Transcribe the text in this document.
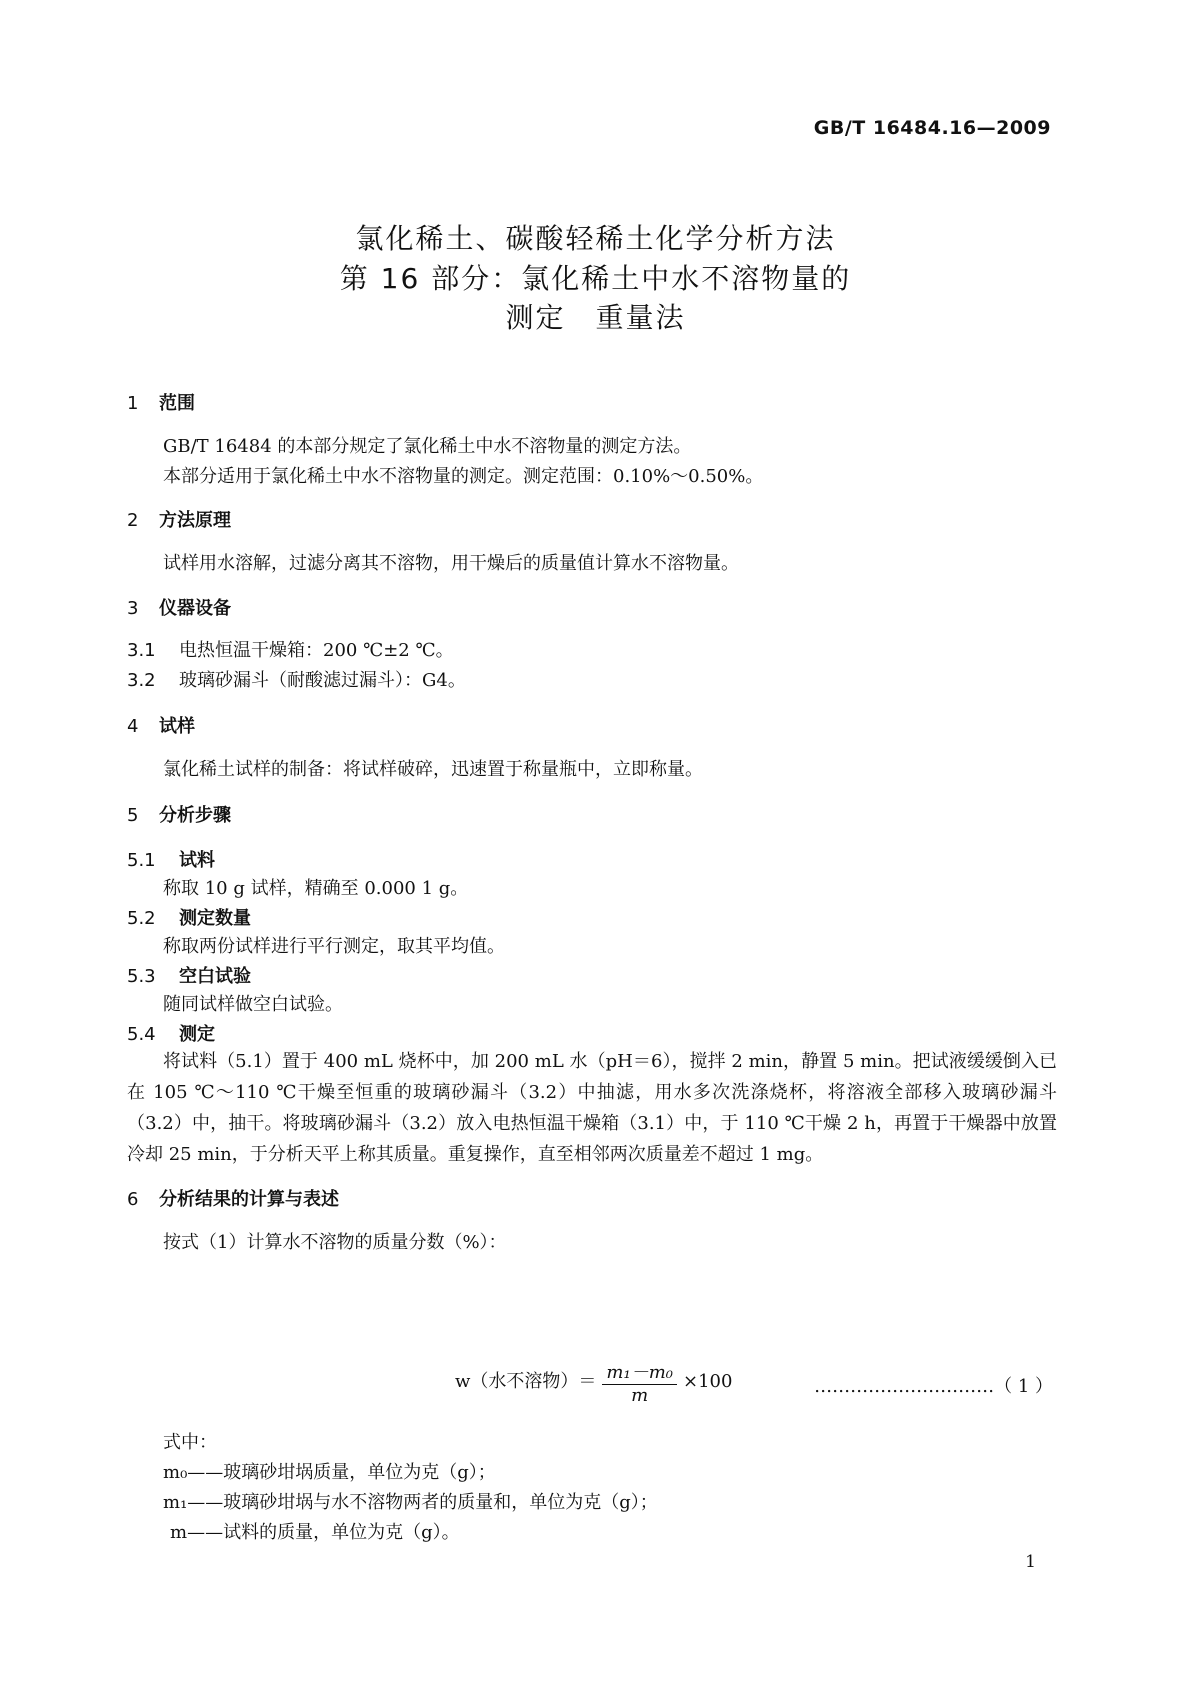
GB/T 16484.16—2009
氯化稀土、碳酸轻稀土化学分析方法
第 16 部分：氯化稀土中水不溶物量的
测定　重量法
1 范围
GB/T 16484 的本部分规定了氯化稀土中水不溶物量的测定方法。
本部分适用于氯化稀土中水不溶物量的测定。测定范围：0.10%～0.50%。
2 方法原理
试样用水溶解，过滤分离其不溶物，用干燥后的质量值计算水不溶物量。
3 仪器设备
3.1 电热恒温干燥箱：200 ℃±2 ℃。
3.2 玻璃砂漏斗（耐酸滤过漏斗）：G4。
4 试样
氯化稀土试样的制备：将试样破碎，迅速置于称量瓶中，立即称量。
5 分析步骤
5.1 试料
称取 10 g 试样，精确至 0.000 1 g。
5.2 测定数量
称取两份试样进行平行测定，取其平均值。
5.3 空白试验
随同试样做空白试验。
5.4 测定
将试料（5.1）置于 400 mL 烧杯中，加 200 mL 水（pH＝6），搅拌 2 min，静置 5 min。把试液缓缓倒入已在 105 ℃～110 ℃干燥至恒重的玻璃砂漏斗（3.2）中抽滤，用水多次洗涤烧杯，将溶液全部移入玻璃砂漏斗（3.2）中，抽干。将玻璃砂漏斗（3.2）放入电热恒温干燥箱（3.1）中，于 110 ℃干燥 2 h，再置于干燥器中放置冷却 25 min，于分析天平上称其质量。重复操作，直至相邻两次质量差不超过 1 mg。
6 分析结果的计算与表述
按式（1）计算水不溶物的质量分数（%）：
w（水不溶物）＝ $\frac{\text{m₁－m₀}}{m} \times 100$	…………………………（ 1 ）
式中：
m₀——玻璃砂坩埚质量，单位为克（g）；
m₁——玻璃砂坩埚与水不溶物两者的质量和，单位为克（g）；
m——试料的质量，单位为克（g）。
1
